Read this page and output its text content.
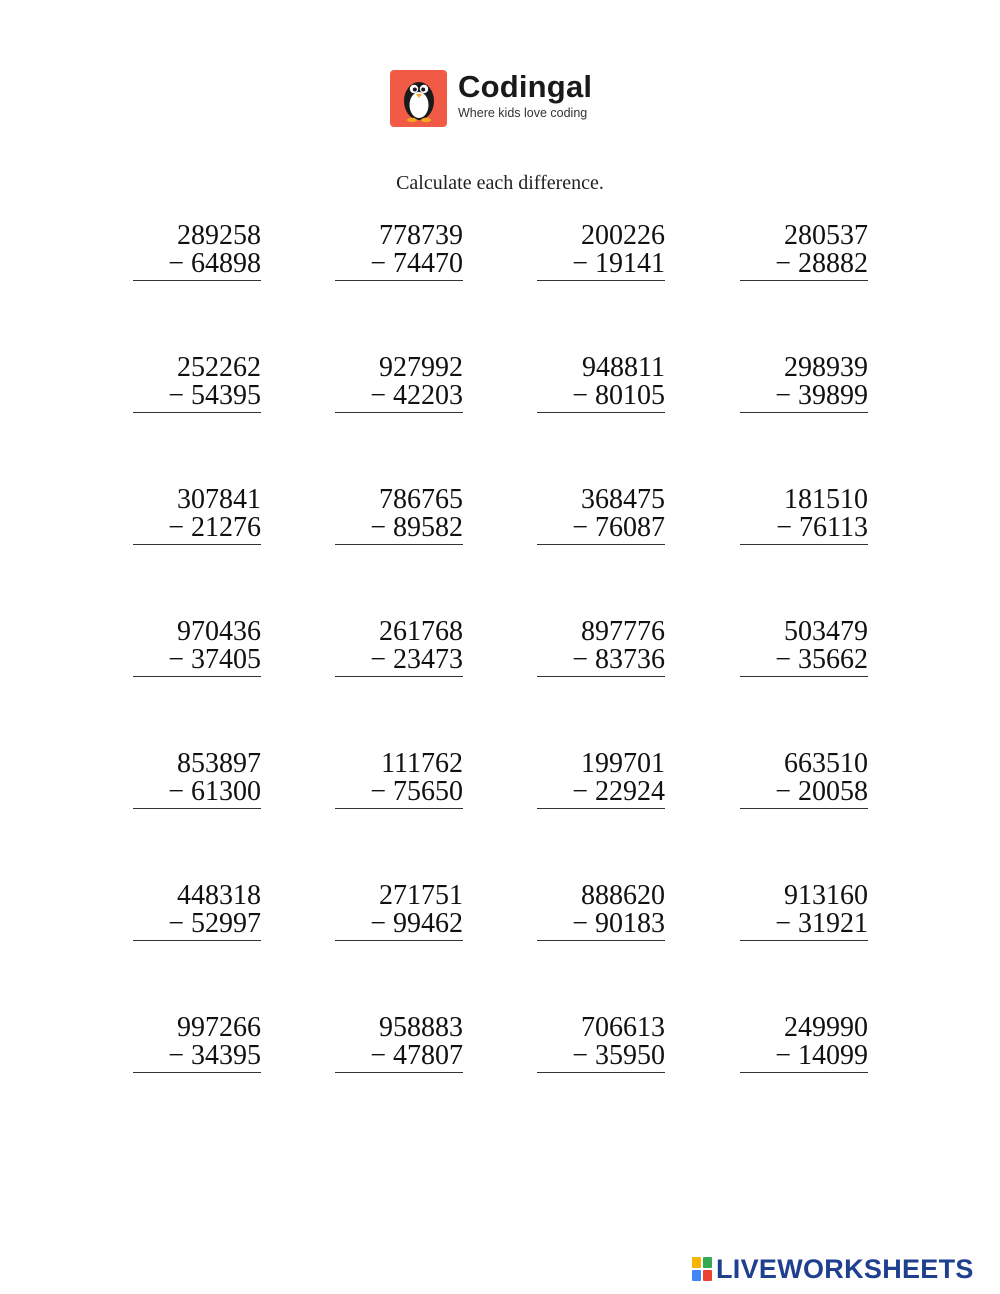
Codingal
Where kids love coding
Calculate each difference.
289258
− 64898
778739
− 74470
200226
− 19141
280537
− 28882
252262
− 54395
927992
− 42203
948811
− 80105
298939
− 39899
307841
− 21276
786765
− 89582
368475
− 76087
181510
− 76113
970436
− 37405
261768
− 23473
897776
− 83736
503479
− 35662
853897
− 61300
111762
− 75650
199701
− 22924
663510
− 20058
448318
− 52997
271751
− 99462
888620
− 90183
913160
− 31921
997266
− 34395
958883
− 47807
706613
− 35950
249990
− 14099
LIVEWORKSHEETS
